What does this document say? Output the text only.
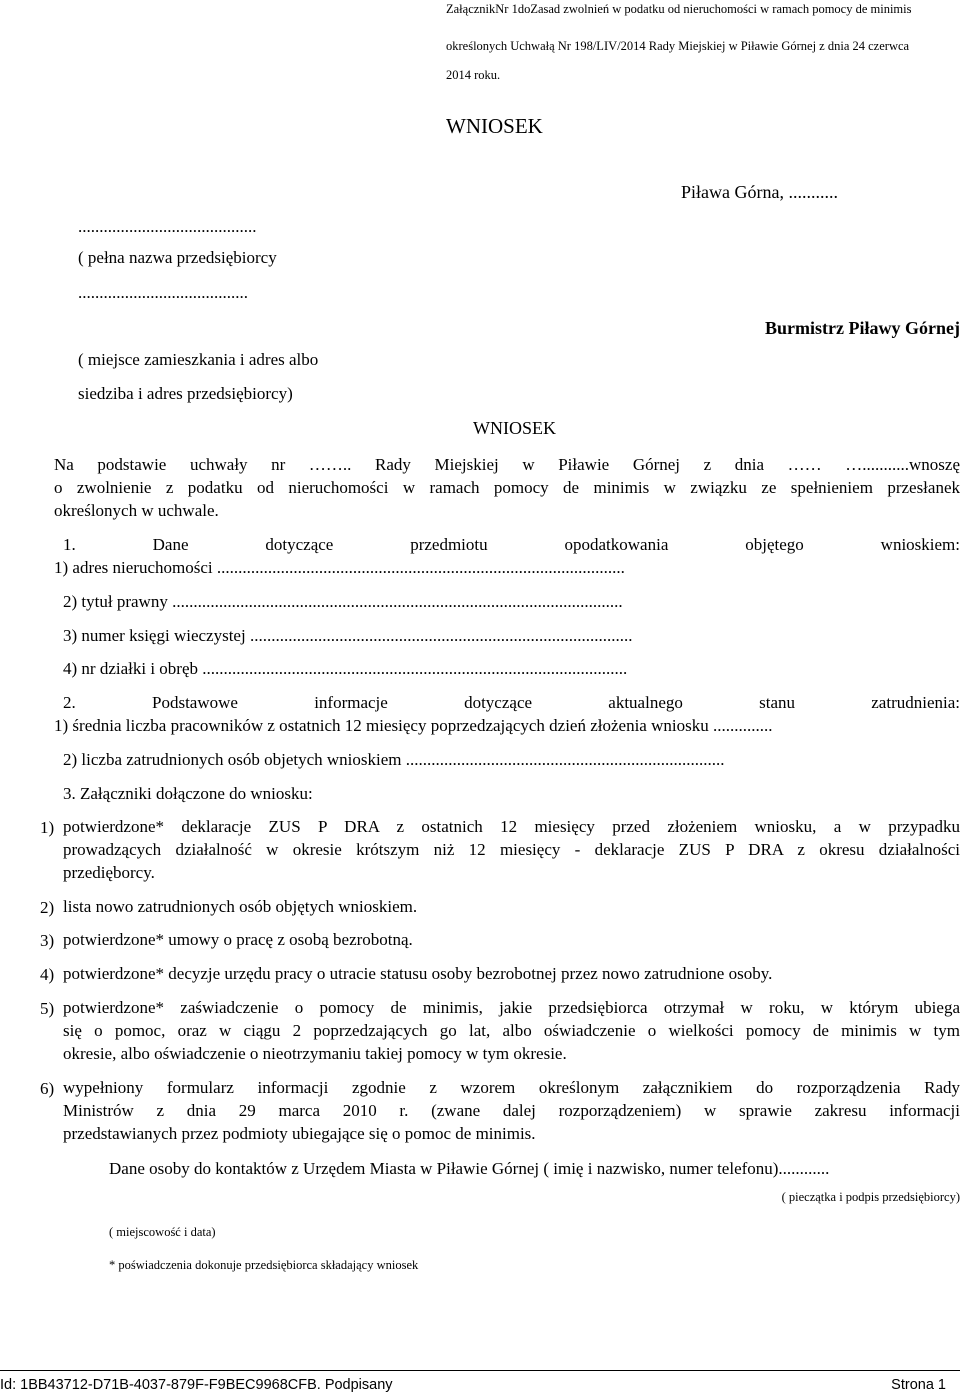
ZałącznikNr 1doZasad zwolnień w podatku od nieruchomości w ramach pomocy de minimis
określonych Uchwałą Nr 198/LIV/2014 Rady Miejskiej w Piławie Górnej z dnia 24 czerwca
2014 roku.
WNIOSEK
Piława Górna, ...........
..........................................
( pełna nazwa przedsiębiorcy
........................................
( miejsce zamieszkania i adres albo
siedziba i adres przedsiębiorcy)
Burmistrz Piławy Górnej
WNIOSEK
Na podstawie uchwały nr …….. Rady Miejskiej w Piławie Górnej z dnia …… …...........wnoszę
o zwolnienie z podatku od nieruchomości w ramach pomocy de minimis w związku ze spełnieniem przesłanek
określonych w uchwale.
1. Dane dotyczące przedmiotu opodatkowania objętego wnioskiem:
1) adres nieruchomości ................................................................................................
2) tytuł prawny ..........................................................................................................
3) numer księgi wieczystej ..........................................................................................
4) nr działki i obręb ....................................................................................................
2. Podstawowe informacje dotyczące aktualnego stanu zatrudnienia:
1) średnia liczba pracowników z ostatnich 12 miesięcy poprzedzających dzień złożenia wniosku ..............
2) liczba zatrudnionych osób objetych wnioskiem ...........................................................................
3. Załączniki dołączone do wniosku:
1) potwierdzone* deklaracje ZUS P DRA z ostatnich 12 miesięcy przed złożeniem wniosku, a w przypadku
prowadzących działalność w okresie krótszym niż 12 miesięcy - deklaracje ZUS P DRA z okresu działalności
przedięborcy.
2) lista nowo zatrudnionych osób objętych wnioskiem.
3) potwierdzone* umowy o pracę z osobą bezrobotną.
4) potwierdzone* decyzje urzędu pracy o utracie statusu osoby bezrobotnej przez nowo zatrudnione osoby.
5) potwierdzone* zaświadczenie o pomocy de minimis, jakie przedsiębiorca otrzymał w roku, w którym ubiega
się o pomoc, oraz w ciągu 2 poprzedzających go lat, albo oświadczenie o wielkości pomocy de minimis w tym
okresie, albo oświadczenie o nieotrzymaniu takiej pomocy w tym okresie.
6) wypełniony formularz informacji zgodnie z wzorem określonym załącznikiem do rozporządzenia Rady
Ministrów z dnia 29 marca 2010 r. (zwane dalej rozporządzeniem) w sprawie zakresu informacji
przedstawianych przez podmioty ubiegające się o pomoc de minimis.
Dane osoby do kontaktów z Urzędem Miasta w Piławie Górnej ( imię i nazwisko, numer telefonu)............
( pieczątka i podpis przedsiębiorcy)
( miejscowość i data)
* poświadczenia dokonuje przedsiębiorca składający wniosek
Id: 1BB43712-D71B-4037-879F-F9BEC9968CFB. Podpisany	Strona 1
